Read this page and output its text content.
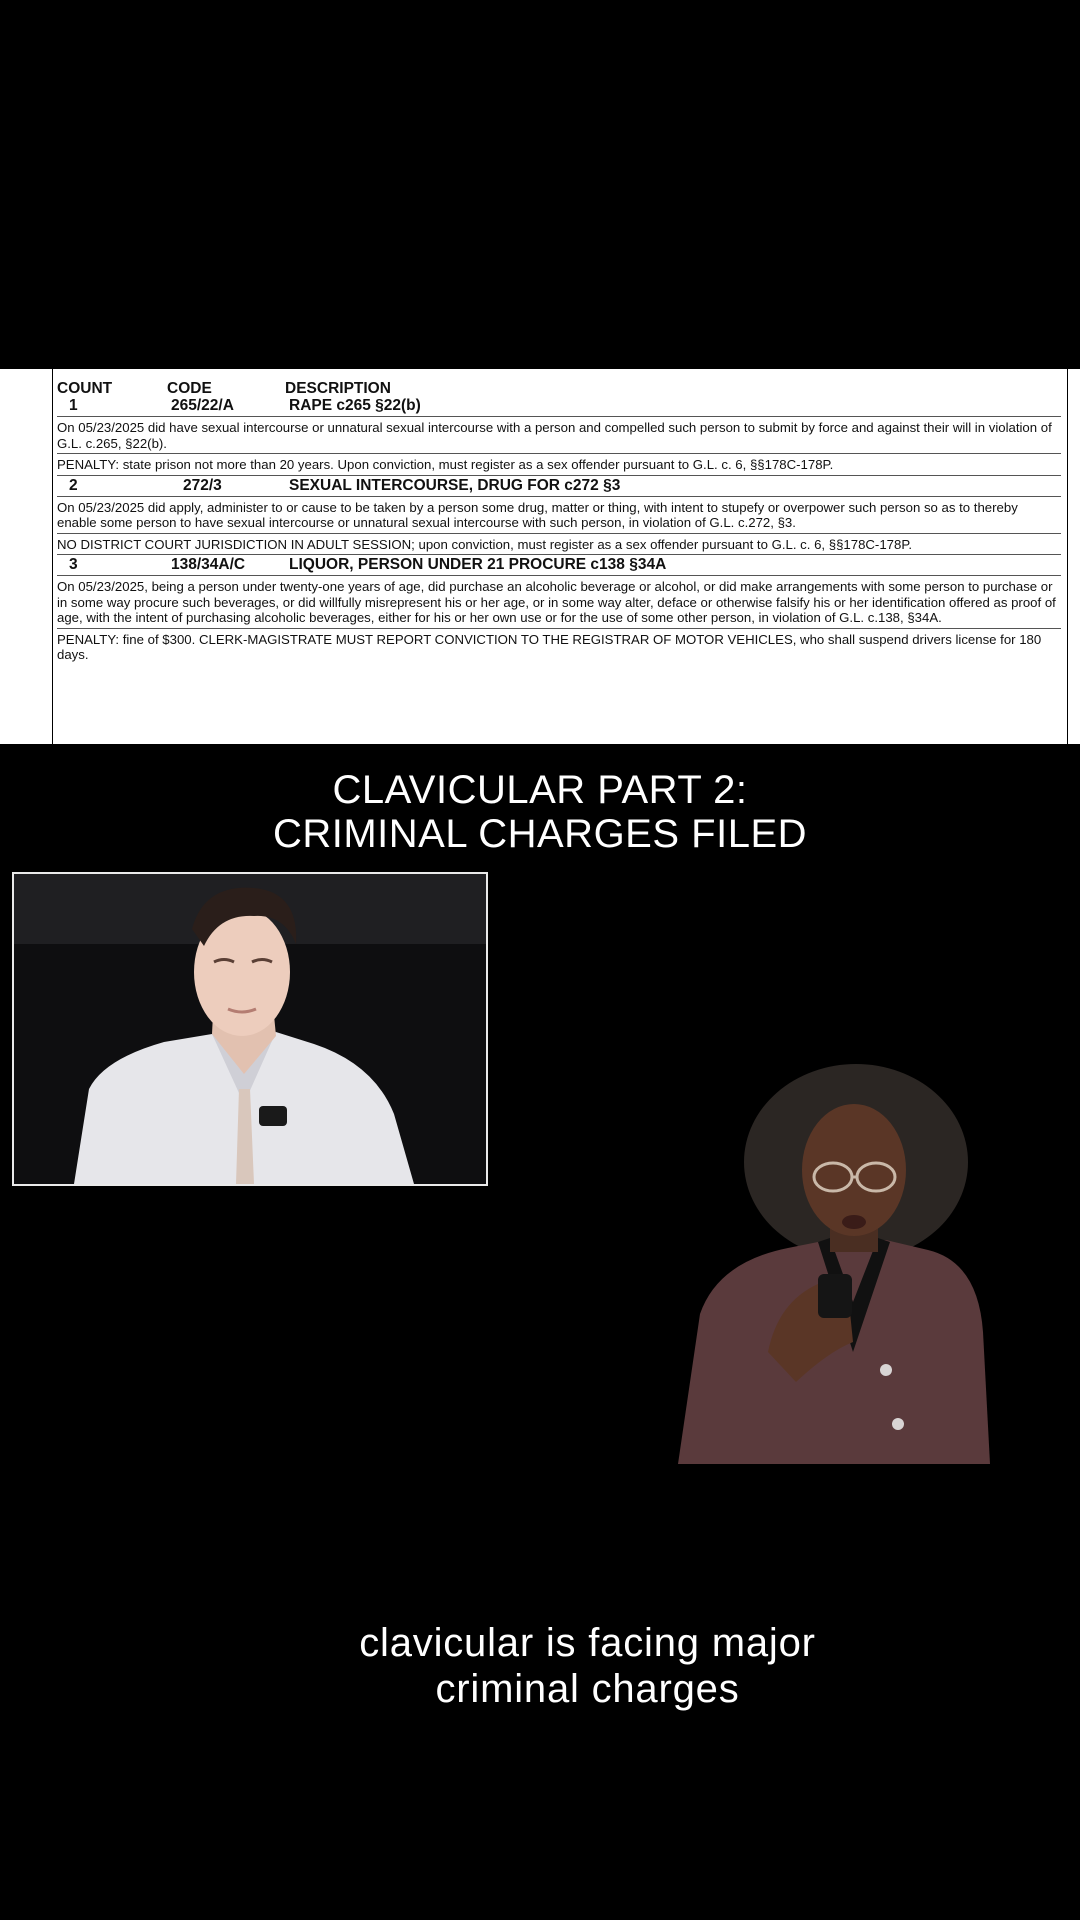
COUNT	CODE	DESCRIPTION
1	265/22/A	RAPE c265 §22(b)
On 05/23/2025 did have sexual intercourse or unnatural sexual intercourse with a person and compelled such person to submit by force and against their will in violation of G.L. c.265, §22(b).
PENALTY: state prison not more than 20 years. Upon conviction, must register as a sex offender pursuant to G.L. c. 6, §§178C-178P.
2	272/3	SEXUAL INTERCOURSE, DRUG FOR c272 §3
On 05/23/2025 did apply, administer to or cause to be taken by a person some drug, matter or thing, with intent to stupefy or overpower such person so as to thereby enable some person to have sexual intercourse or unnatural sexual intercourse with such person, in violation of G.L. c.272, §3.
NO DISTRICT COURT JURISDICTION IN ADULT SESSION; upon conviction, must register as a sex offender pursuant to G.L. c. 6, §§178C-178P.
3	138/34A/C	LIQUOR, PERSON UNDER 21 PROCURE c138 §34A
On 05/23/2025, being a person under twenty-one years of age, did purchase an alcoholic beverage or alcohol, or did make arrangements with some person to purchase or in some way procure such beverages, or did willfully misrepresent his or her age, or in some way alter, deface or otherwise falsify his or her identification offered as proof of age, with the intent of purchasing alcoholic beverages, either for his or her own use or for the use of some other person, in violation of G.L. c.138, §34A.
PENALTY: fine of $300. CLERK-MAGISTRATE MUST REPORT CONVICTION TO THE REGISTRAR OF MOTOR VEHICLES, who shall suspend drivers license for 180 days.
CLAVICULAR PART 2:
CRIMINAL CHARGES FILED
clavicular is facing major
criminal charges
